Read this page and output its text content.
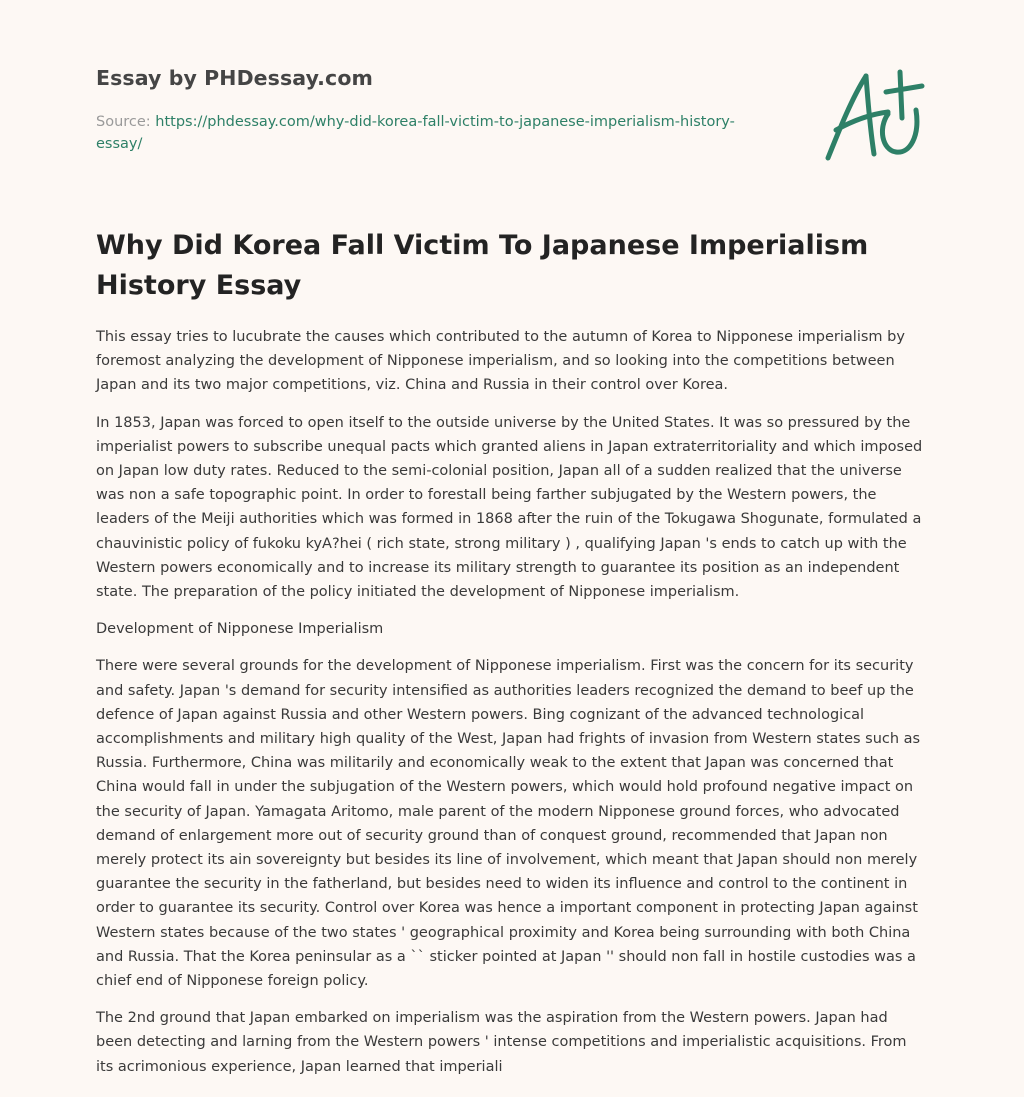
Essay by PHDessay.com
Source: https://phdessay.com/why-did-korea-fall-victim-to-japanese-imperialism-history-essay/
Why Did Korea Fall Victim To Japanese Imperialism History Essay

This essay tries to lucubrate the causes which contributed to the autumn of Korea to Nipponese imperialism by foremost analyzing the development of Nipponese imperialism, and so looking into the competitions between Japan and its two major competitions, viz. China and Russia in their control over Korea.

In 1853, Japan was forced to open itself to the outside universe by the United States. It was so pressured by the imperialist powers to subscribe unequal pacts which granted aliens in Japan extraterritoriality and which imposed on Japan low duty rates. Reduced to the semi-colonial position, Japan all of a sudden realized that the universe was non a safe topographic point. In order to forestall being farther subjugated by the Western powers, the leaders of the Meiji authorities which was formed in 1868 after the ruin of the Tokugawa Shogunate, formulated a chauvinistic policy of fukoku kyA?hei ( rich state, strong military ) , qualifying Japan 's ends to catch up with the Western powers economically and to increase its military strength to guarantee its position as an independent state. The preparation of the policy initiated the development of Nipponese imperialism.

Development of Nipponese Imperialism

There were several grounds for the development of Nipponese imperialism. First was the concern for its security and safety. Japan 's demand for security intensified as authorities leaders recognized the demand to beef up the defence of Japan against Russia and other Western powers. Bing cognizant of the advanced technological accomplishments and military high quality of the West, Japan had frights of invasion from Western states such as Russia. Furthermore, China was militarily and economically weak to the extent that Japan was concerned that China would fall in under the subjugation of the Western powers, which would hold profound negative impact on the security of Japan. Yamagata Aritomo, male parent of the modern Nipponese ground forces, who advocated demand of enlargement more out of security ground than of conquest ground, recommended that Japan non merely protect its ain sovereignty but besides its line of involvement, which meant that Japan should non merely guarantee the security in the fatherland, but besides need to widen its influence and control to the continent in order to guarantee its security. Control over Korea was hence a important component in protecting Japan against Western states because of the two states ' geographical proximity and Korea being surrounding with both China and Russia. That the Korea peninsular as a `` sticker pointed at Japan '' should non fall in hostile custodies was a chief end of Nipponese foreign policy.

The 2nd ground that Japan embarked on imperialism was the aspiration from the Western powers. Japan had been detecting and larning from the Western powers ' intense competitions and imperialistic acquisitions. From its acrimonious experience, Japan learned that imperiali
